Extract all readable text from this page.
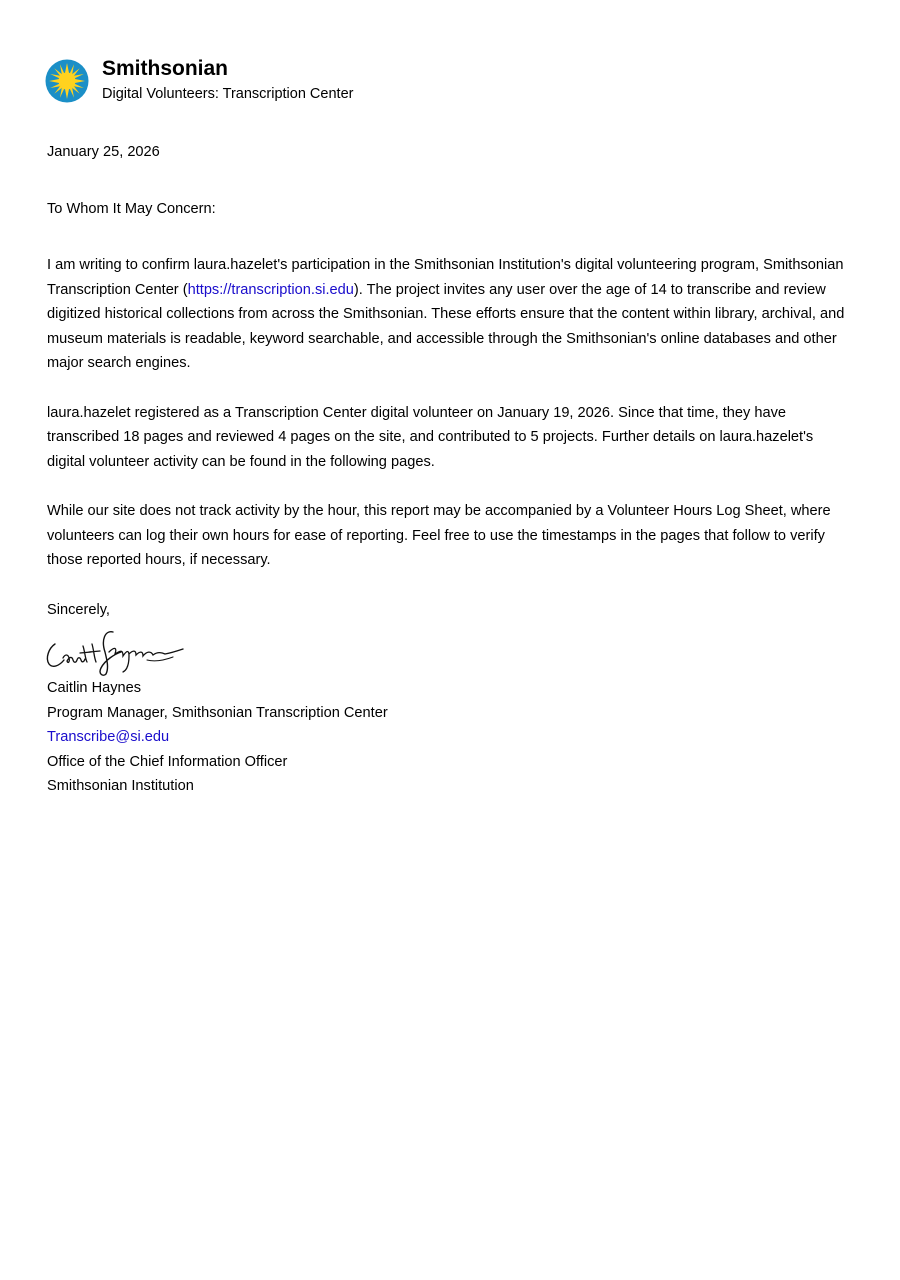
Smithsonian

Digital Volunteers: Transcription Center

January 25, 2026

To Whom It May Concern:

I am writing to confirm laura.hazelet's participation in the Smithsonian Institution's digital volunteering program, Smithsonian Transcription Center (https://transcription.si.edu). The project invites any user over the age of 14 to transcribe and review digitized historical collections from across the Smithsonian. These efforts ensure that the content within library, archival, and museum materials is readable, keyword searchable, and accessible through the Smithsonian's online databases and other major search engines.

laura.hazelet registered as a Transcription Center digital volunteer on January 19, 2026. Since that time, they have transcribed 18 pages and reviewed 4 pages on the site, and contributed to 5 projects. Further details on laura.hazelet's digital volunteer activity can be found in the following pages.

While our site does not track activity by the hour, this report may be accompanied by a Volunteer Hours Log Sheet, where volunteers can log their own hours for ease of reporting. Feel free to use the timestamps in the pages that follow to verify those reported hours, if necessary.

Sincerely,

Caitlin Haynes

Program Manager, Smithsonian Transcription Center

Transcribe@si.edu

Office of the Chief Information Officer

Smithsonian Institution
